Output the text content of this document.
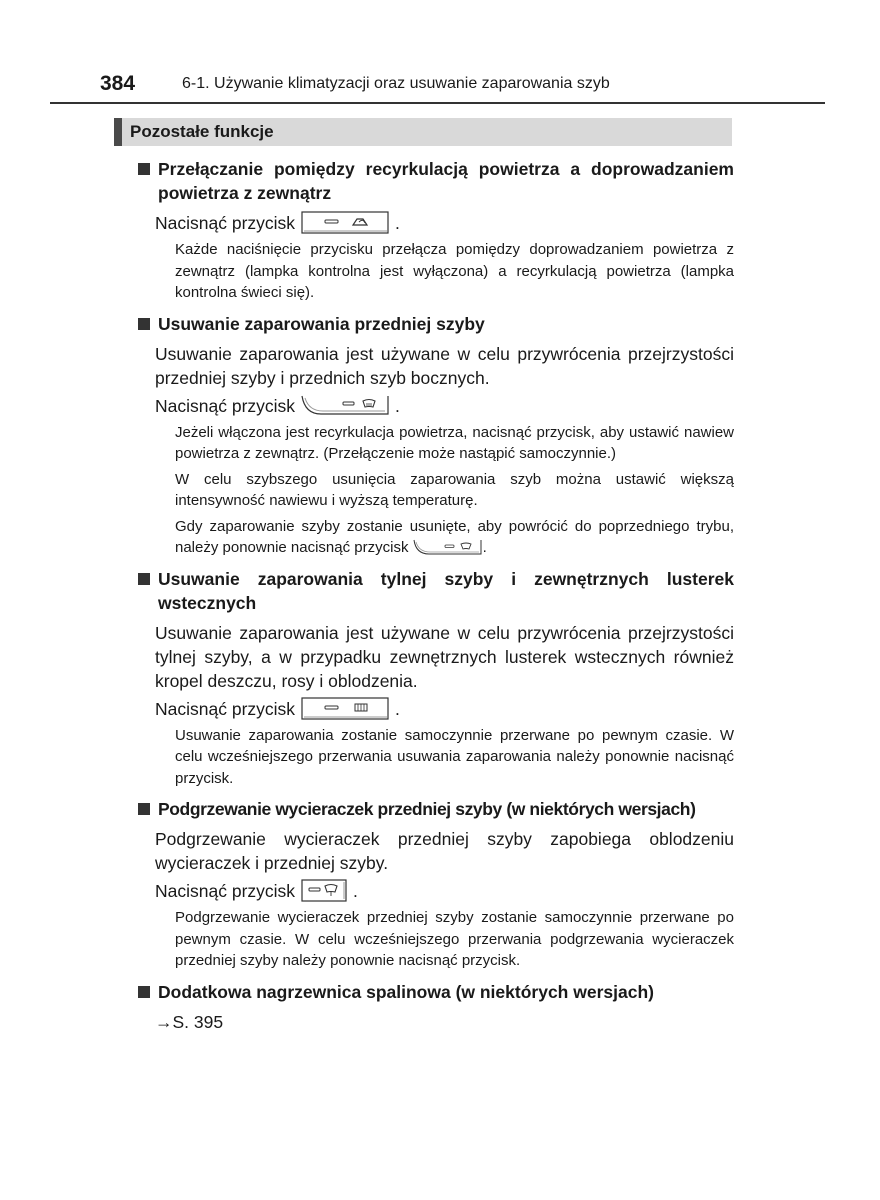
384	6-1. Używanie klimatyzacji oraz usuwanie zaparowania szyb
Pozostałe funkcje
Przełączanie pomiędzy recyrkulacją powietrza a doprowadzaniem powietrza z zewnątrz
Nacisnąć przycisk	.
Każde naciśnięcie przycisku przełącza pomiędzy doprowadzaniem powietrza z zewnątrz (lampka kontrolna jest wyłączona) a recyrkulacją powietrza (lampka kontrolna świeci się).
Usuwanie zaparowania przedniej szyby
Usuwanie zaparowania jest używane w celu przywrócenia przejrzystości przedniej szyby i przednich szyb bocznych.
Nacisnąć przycisk	.
Jeżeli włączona jest recyrkulacja powietrza, nacisnąć przycisk, aby ustawić nawiew powietrza z zewnątrz. (Przełączenie może nastąpić samoczynnie.)
W celu szybszego usunięcia zaparowania szyb można ustawić większą intensywność nawiewu i wyższą temperaturę.
Gdy zaparowanie szyby zostanie usunięte, aby powrócić do poprzedniego trybu, należy ponownie nacisnąć przycisk	.
Usuwanie zaparowania tylnej szyby i zewnętrznych lusterek wstecznych
Usuwanie zaparowania jest używane w celu przywrócenia przejrzystości tylnej szyby, a w przypadku zewnętrznych lusterek wstecznych również kropel deszczu, rosy i oblodzenia.
Nacisnąć przycisk	.
Usuwanie zaparowania zostanie samoczynnie przerwane po pewnym czasie. W celu wcześniejszego przerwania usuwania zaparowania należy ponownie nacisnąć przycisk.
Podgrzewanie wycieraczek przedniej szyby (w niektórych wersjach)
Podgrzewanie wycieraczek przedniej szyby zapobiega oblodzeniu wycieraczek i przedniej szyby.
Nacisnąć przycisk	.
Podgrzewanie wycieraczek przedniej szyby zostanie samoczynnie przerwane po pewnym czasie. W celu wcześniejszego przerwania podgrzewania wycieraczek przedniej szyby należy ponownie nacisnąć przycisk.
Dodatkowa nagrzewnica spalinowa (w niektórych wersjach)
→S. 395
